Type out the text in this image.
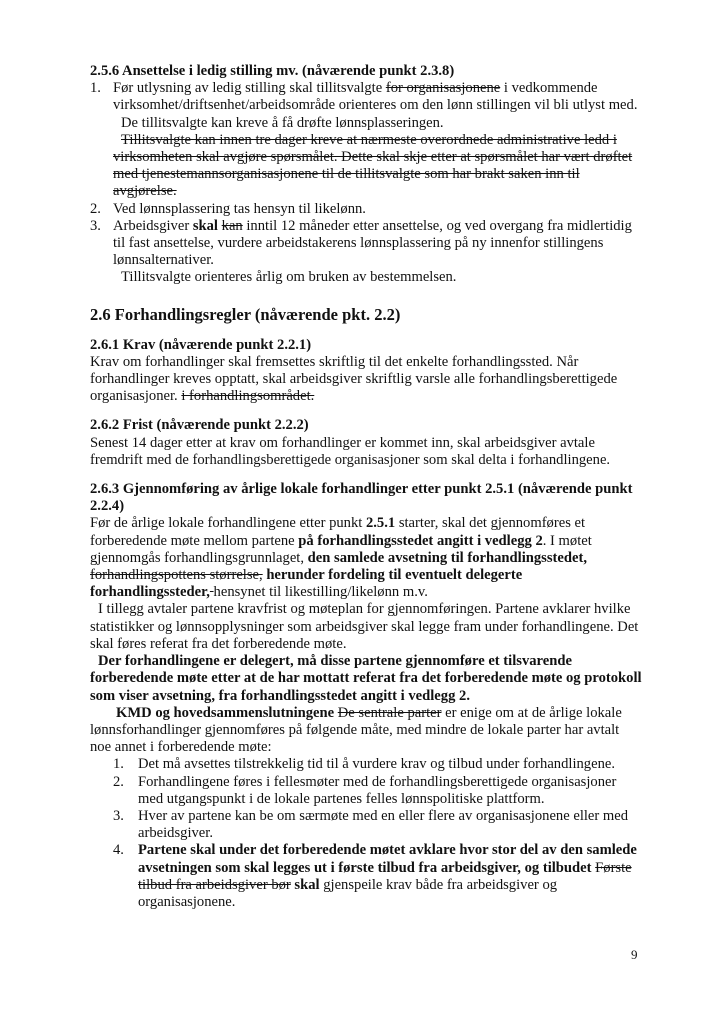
2.5.6 Ansettelse i ledig stilling mv. (nåværende punkt 2.3.8)

1. Før utlysning av ledig stilling skal tillitsvalgte for organisasjonene i vedkommende virksomhet/driftsenhet/arbeidsområde orienteres om den lønn stillingen vil bli utlyst med.

De tillitsvalgte kan kreve å få drøfte lønnsplasseringen.

Tillitsvalgte kan innen tre dager kreve at nærmeste overordnede administrative ledd i virksomheten skal avgjøre spørsmålet. Dette skal skje etter at spørsmålet har vært drøftet med tjenestemannsorganisasjonene til de tillitsvalgte som har brakt saken inn til avgjørelse.

2. Ved lønnsplassering tas hensyn til likelønn.

3. Arbeidsgiver skal kan inntil 12 måneder etter ansettelse, og ved overgang fra midlertidig til fast ansettelse, vurdere arbeidstakerens lønnsplassering på ny innenfor stillingens lønnsalternativer.

Tillitsvalgte orienteres årlig om bruken av bestemmelsen.

2.6 Forhandlingsregler (nåværende pkt. 2.2)

2.6.1 Krav (nåværende punkt 2.2.1)

Krav om forhandlinger skal fremsettes skriftlig til det enkelte forhandlingssted. Når forhandlinger kreves opptatt, skal arbeidsgiver skriftlig varsle alle forhandlingsberettigede organisasjoner. i forhandlingsområdet.

2.6.2 Frist (nåværende punkt 2.2.2)

Senest 14 dager etter at krav om forhandlinger er kommet inn, skal arbeidsgiver avtale fremdrift med de forhandlingsberettigede organisasjoner som skal delta i forhandlingene.

2.6.3 Gjennomføring av årlige lokale forhandlinger etter punkt 2.5.1 (nåværende punkt 2.2.4)

Før de årlige lokale forhandlingene etter punkt 2.5.1 starter, skal det gjennomføres et forberedende møte mellom partene på forhandlingsstedet angitt i vedlegg 2. I møtet gjennomgås forhandlingsgrunnlaget, den samlede avsetning til forhandlingsstedet, forhandlingspottens størrelse, herunder fordeling til eventuelt delegerte forhandlingssteder, hensynet til likestilling/likelønn m.v.

I tillegg avtaler partene kravfrist og møteplan for gjennomføringen. Partene avklarer hvilke statistikker og lønnsopplysninger som arbeidsgiver skal legge fram under forhandlingene. Det skal føres referat fra det forberedende møte.

Der forhandlingene er delegert, må disse partene gjennomføre et tilsvarende forberedende møte etter at de har mottatt referat fra det forberedende møte og protokoll som viser avsetning, fra forhandlingsstedet angitt i vedlegg 2.

KMD og hovedsammenslutningene De sentrale parter er enige om at de årlige lokale lønnsforhandlinger gjennomføres på følgende måte, med mindre de lokale parter har avtalt noe annet i forberedende møte:

1. Det må avsettes tilstrekkelig tid til å vurdere krav og tilbud under forhandlingene.

2. Forhandlingene føres i fellesmøter med de forhandlingsberettigede organisasjoner med utgangspunkt i de lokale partenes felles lønnspolitiske plattform.

3. Hver av partene kan be om særmøte med en eller flere av organisasjonene eller med arbeidsgiver.

4. Partene skal under det forberedende møtet avklare hvor stor del av den samlede avsetningen som skal legges ut i første tilbud fra arbeidsgiver, og tilbudet Første tilbud fra arbeidsgiver bør skal gjenspeile krav både fra arbeidsgiver og organisasjonene.

9
